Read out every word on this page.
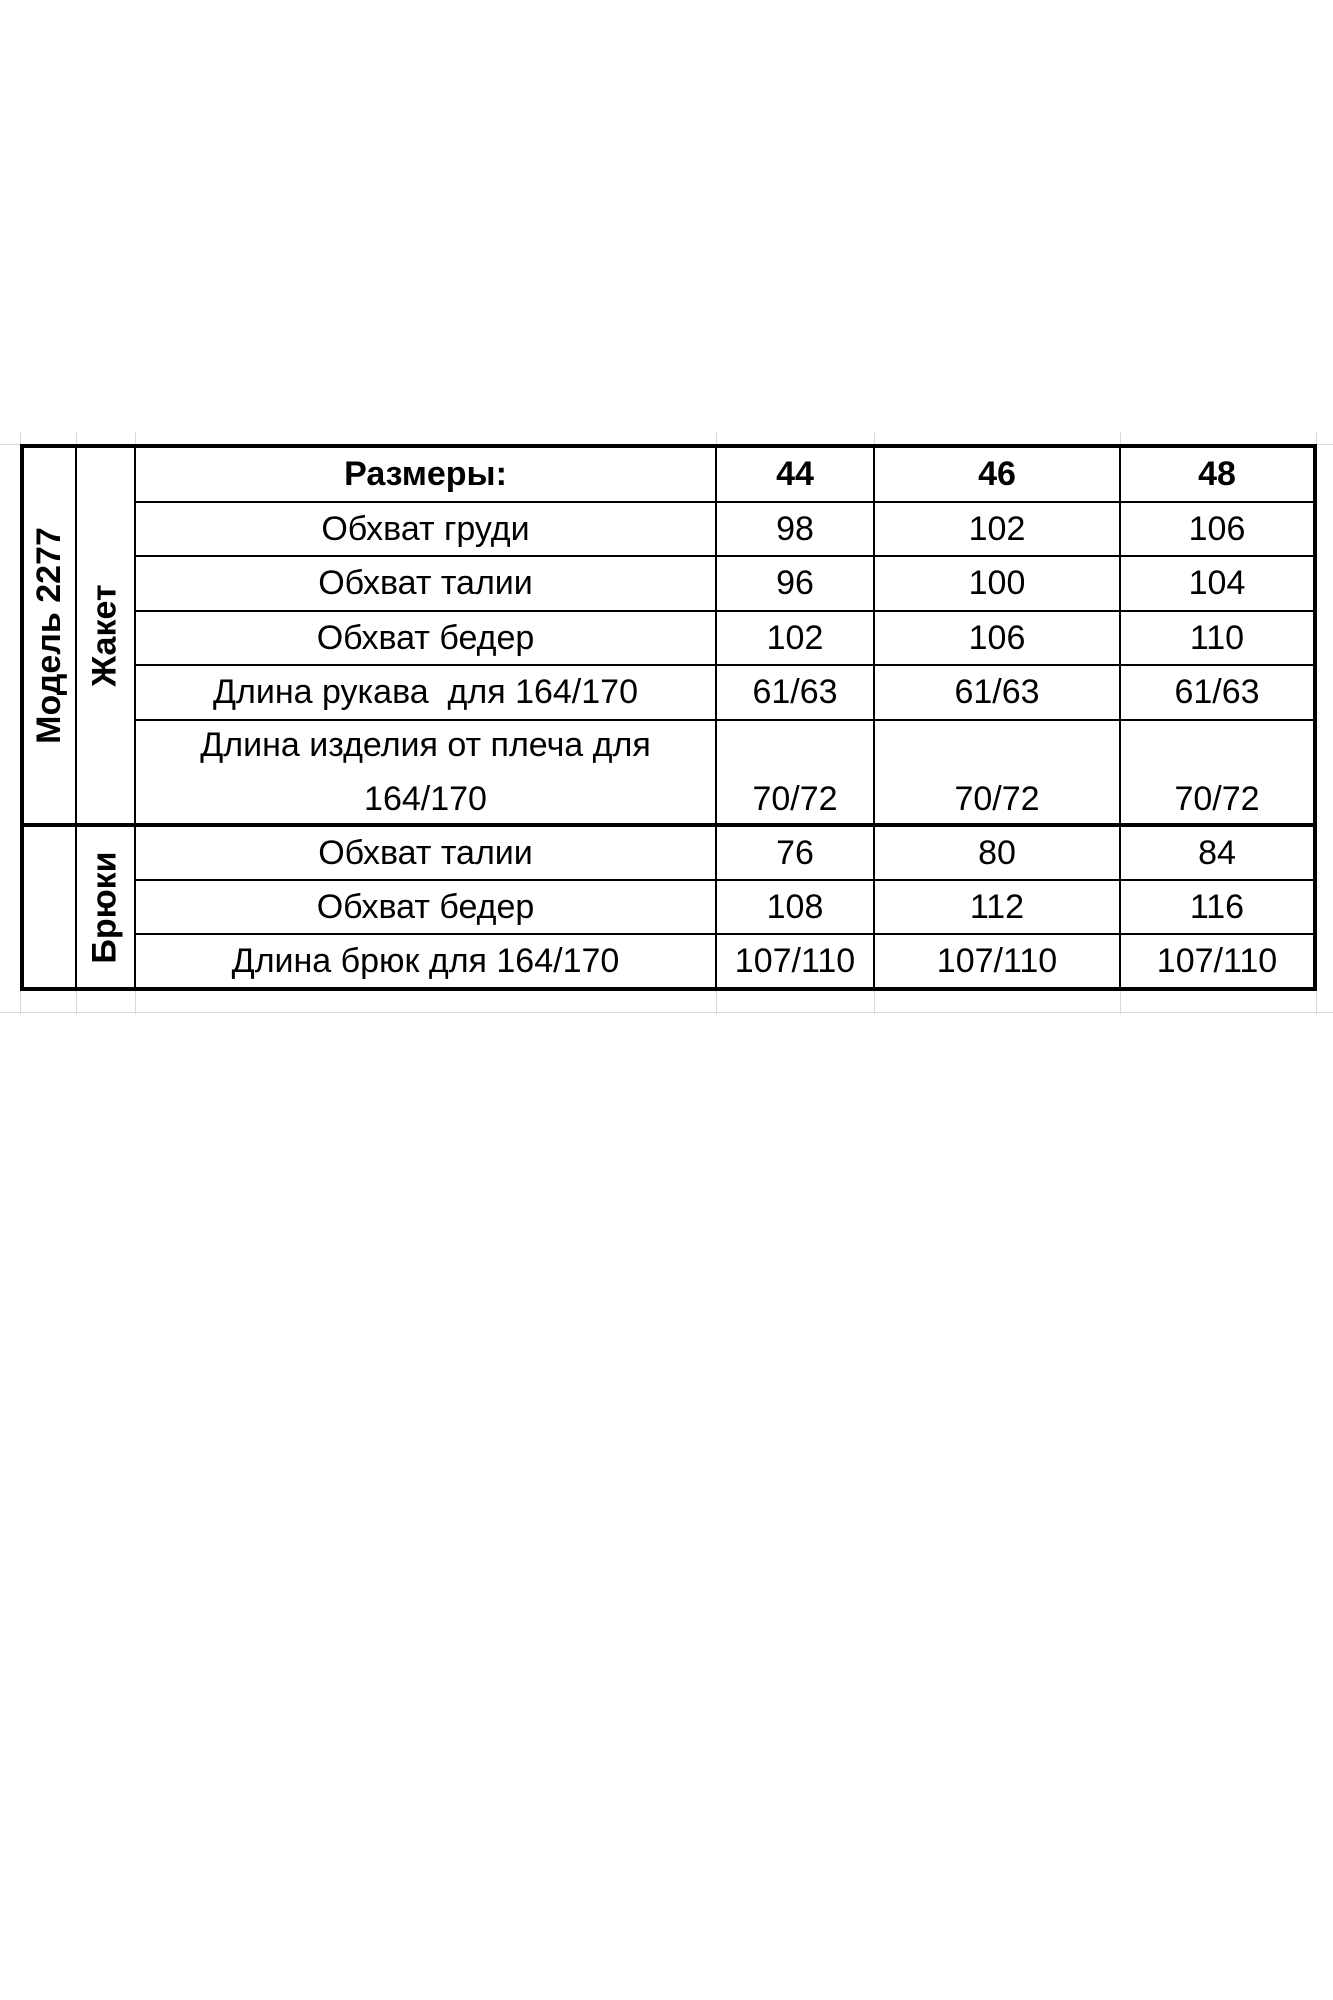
Модель 2277 Жакет
Брюки
Размеры:	44	46	48
Обхват груди	98	102	106
Обхват талии	96	100	104
Обхват бедер	102	106	110
Длина рукава  для 164/170	61/63	61/63	61/63
Длина изделия от плеча для
164/170	70/72	70/72	70/72
Обхват талии	76	80	84
Обхват бедер	108	112	116
Длина брюк для 164/170	107/110	107/110	107/110
